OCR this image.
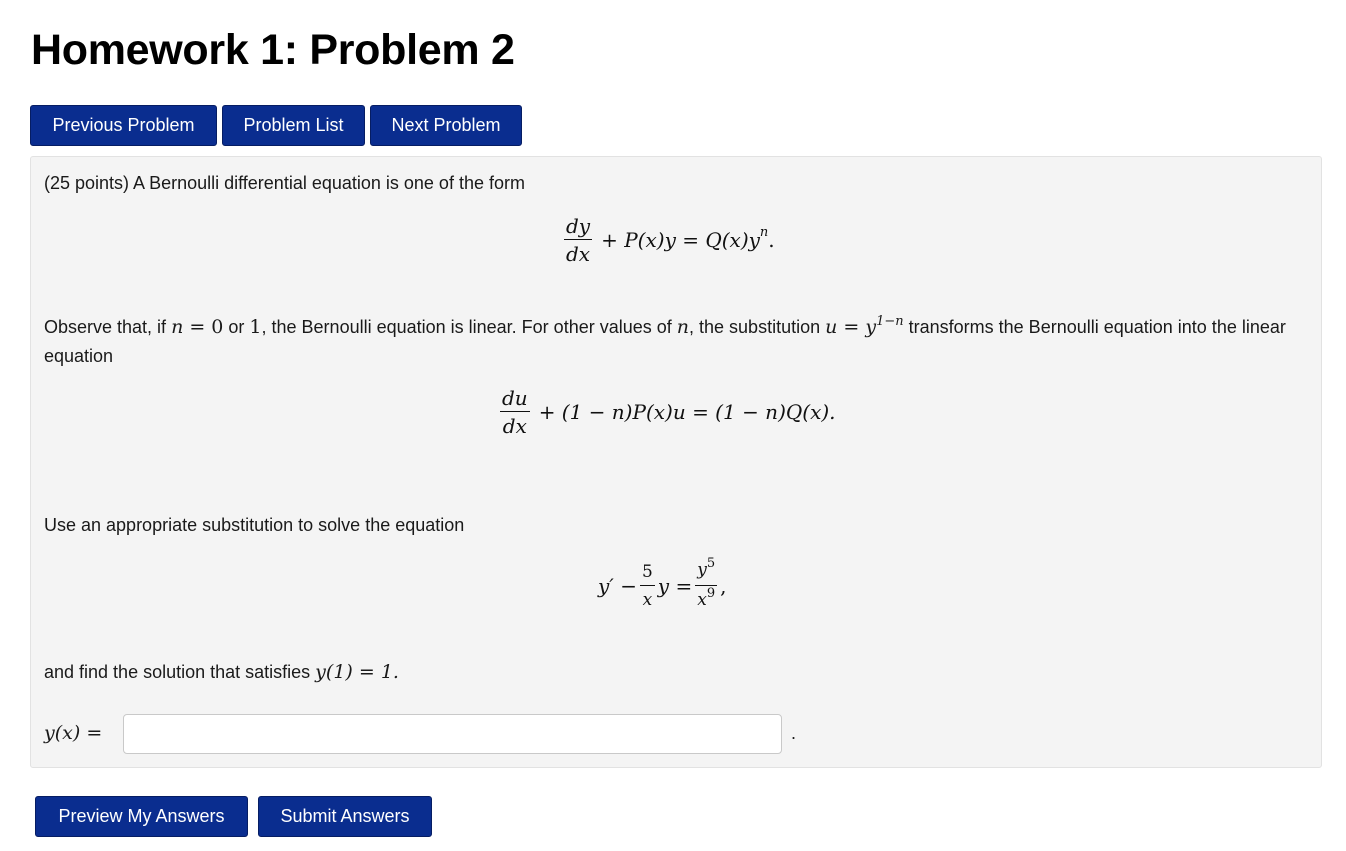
Homework 1: Problem 2
Previous Problem	Problem List	Next Problem
(25 points) A Bernoulli differential equation is one of the form
$\frac{dy}{dx} + P(x)y = Q(x)y$ n .
Observe that, if n = 0 or 1, the Bernoulli equation is linear. For other values of n, the substitution $u = y^{1-n}$ transforms the Bernoulli equation into the linear equation
$\frac{du}{dx} + (1 - n)P(x)u = (1 - n)Q(x)$.
Use an appropriate substitution to solve the equation
$y' - \frac{5}{x}$ $y = \frac{y^5}{x^9}$ ,
and find the solution that satisfies y(1) = 1.
y(x) =	.
Preview My Answers	Submit Answers
